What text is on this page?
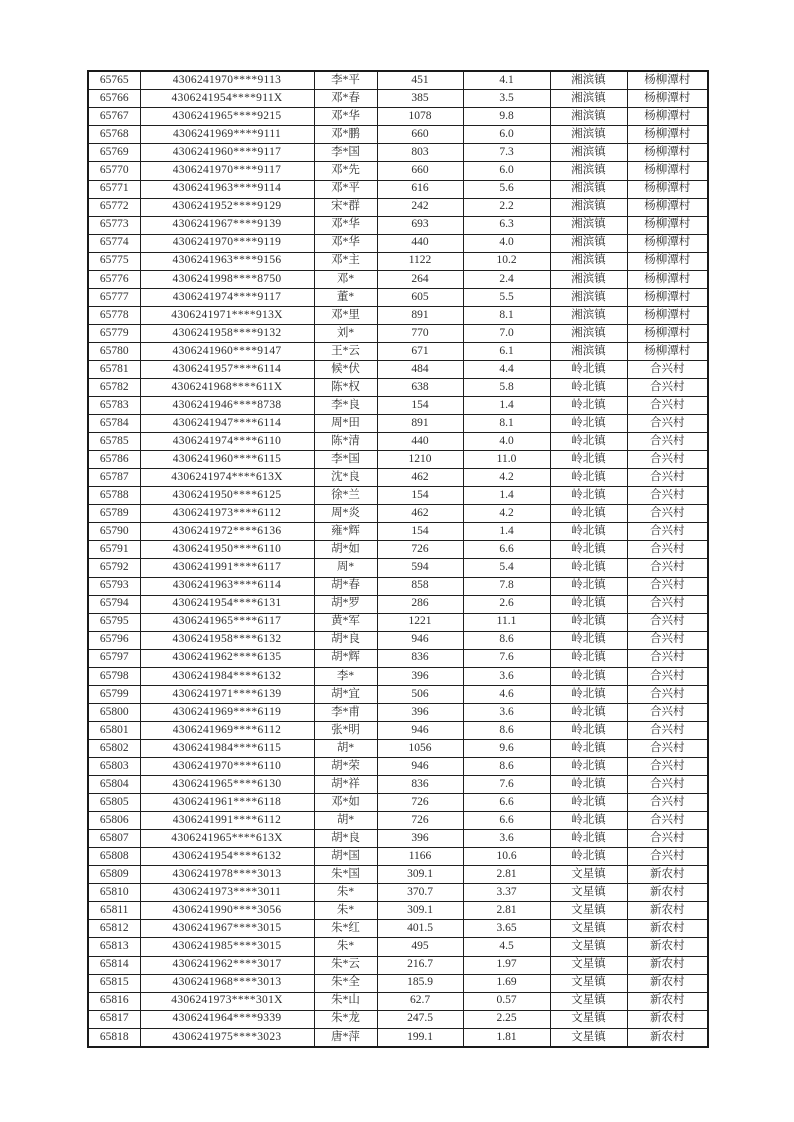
65765	4306241970****9113	李*平	451	4.1	湘滨镇	杨柳潭村
65766	4306241954****911X	邓*春	385	3.5	湘滨镇	杨柳潭村
65767	4306241965****9215	邓*华	1078	9.8	湘滨镇	杨柳潭村
65768	4306241969****9111	邓*鹏	660	6.0	湘滨镇	杨柳潭村
65769	4306241960****9117	李*国	803	7.3	湘滨镇	杨柳潭村
65770	4306241970****9117	邓*先	660	6.0	湘滨镇	杨柳潭村
65771	4306241963****9114	邓*平	616	5.6	湘滨镇	杨柳潭村
65772	4306241952****9129	宋*群	242	2.2	湘滨镇	杨柳潭村
65773	4306241967****9139	邓*华	693	6.3	湘滨镇	杨柳潭村
65774	4306241970****9119	邓*华	440	4.0	湘滨镇	杨柳潭村
65775	4306241963****9156	邓*主	1122	10.2	湘滨镇	杨柳潭村
65776	4306241998****8750	邓*	264	2.4	湘滨镇	杨柳潭村
65777	4306241974****9117	董*	605	5.5	湘滨镇	杨柳潭村
65778	4306241971****913X	邓*里	891	8.1	湘滨镇	杨柳潭村
65779	4306241958****9132	刘*	770	7.0	湘滨镇	杨柳潭村
65780	4306241960****9147	王*云	671	6.1	湘滨镇	杨柳潭村
65781	4306241957****6114	候*伏	484	4.4	岭北镇	合兴村
65782	4306241968****611X	陈*权	638	5.8	岭北镇	合兴村
65783	4306241946****8738	李*良	154	1.4	岭北镇	合兴村
65784	4306241947****6114	周*田	891	8.1	岭北镇	合兴村
65785	4306241974****6110	陈*清	440	4.0	岭北镇	合兴村
65786	4306241960****6115	李*国	1210	11.0	岭北镇	合兴村
65787	4306241974****613X	沈*良	462	4.2	岭北镇	合兴村
65788	4306241950****6125	徐*兰	154	1.4	岭北镇	合兴村
65789	4306241973****6112	周*炎	462	4.2	岭北镇	合兴村
65790	4306241972****6136	雍*辉	154	1.4	岭北镇	合兴村
65791	4306241950****6110	胡*如	726	6.6	岭北镇	合兴村
65792	4306241991****6117	周*	594	5.4	岭北镇	合兴村
65793	4306241963****6114	胡*春	858	7.8	岭北镇	合兴村
65794	4306241954****6131	胡*罗	286	2.6	岭北镇	合兴村
65795	4306241965****6117	黄*军	1221	11.1	岭北镇	合兴村
65796	4306241958****6132	胡*良	946	8.6	岭北镇	合兴村
65797	4306241962****6135	胡*辉	836	7.6	岭北镇	合兴村
65798	4306241984****6132	李*	396	3.6	岭北镇	合兴村
65799	4306241971****6139	胡*宜	506	4.6	岭北镇	合兴村
65800	4306241969****6119	李*甫	396	3.6	岭北镇	合兴村
65801	4306241969****6112	张*明	946	8.6	岭北镇	合兴村
65802	4306241984****6115	胡*	1056	9.6	岭北镇	合兴村
65803	4306241970****6110	胡*荣	946	8.6	岭北镇	合兴村
65804	4306241965****6130	胡*祥	836	7.6	岭北镇	合兴村
65805	4306241961****6118	邓*如	726	6.6	岭北镇	合兴村
65806	4306241991****6112	胡*	726	6.6	岭北镇	合兴村
65807	4306241965****613X	胡*良	396	3.6	岭北镇	合兴村
65808	4306241954****6132	胡*国	1166	10.6	岭北镇	合兴村
65809	4306241978****3013	朱*国	309.1	2.81	文星镇	新农村
65810	4306241973****3011	朱*	370.7	3.37	文星镇	新农村
65811	4306241990****3056	朱*	309.1	2.81	文星镇	新农村
65812	4306241967****3015	朱*红	401.5	3.65	文星镇	新农村
65813	4306241985****3015	朱*	495	4.5	文星镇	新农村
65814	4306241962****3017	朱*云	216.7	1.97	文星镇	新农村
65815	4306241968****3013	朱*全	185.9	1.69	文星镇	新农村
65816	4306241973****301X	朱*山	62.7	0.57	文星镇	新农村
65817	4306241964****9339	朱*龙	247.5	2.25	文星镇	新农村
65818	4306241975****3023	唐*萍	199.1	1.81	文星镇	新农村
